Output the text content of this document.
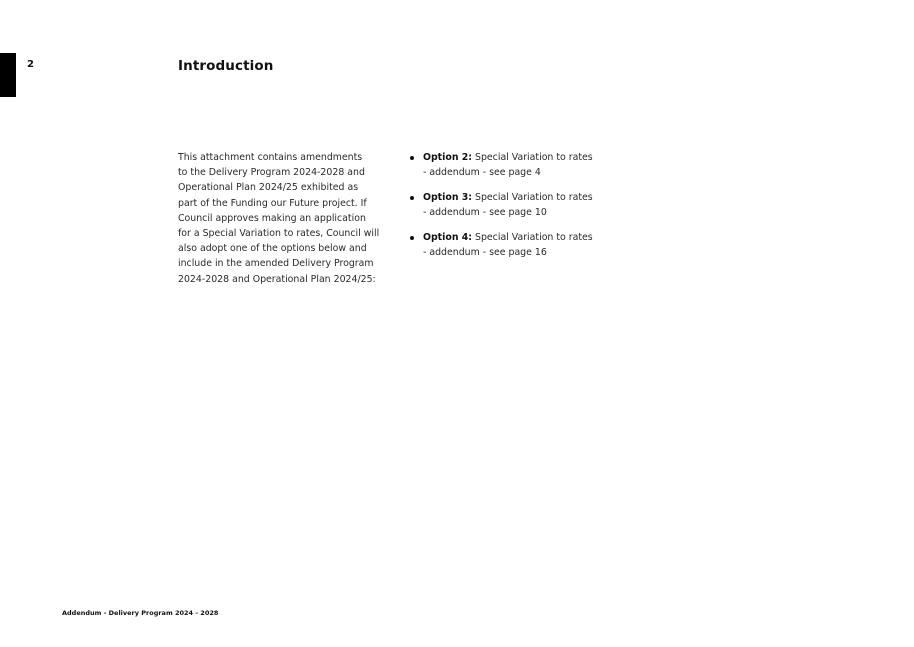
2	Introduction

This attachment contains amendments
to the Delivery Program 2024-2028 and
Operational Plan 2024/25 exhibited as
part of the Funding our Future project. If
Council approves making an application
for a Special Variation to rates, Council will
also adopt one of the options below and
include in the amended Delivery Program
2024-2028 and Operational Plan 2024/25:

Option 2: Special Variation to rates
- addendum - see page 4
Option 3: Special Variation to rates
- addendum - see page 10
Option 4: Special Variation to rates
- addendum - see page 16
Addendum - Delivery Program 2024 - 2028
